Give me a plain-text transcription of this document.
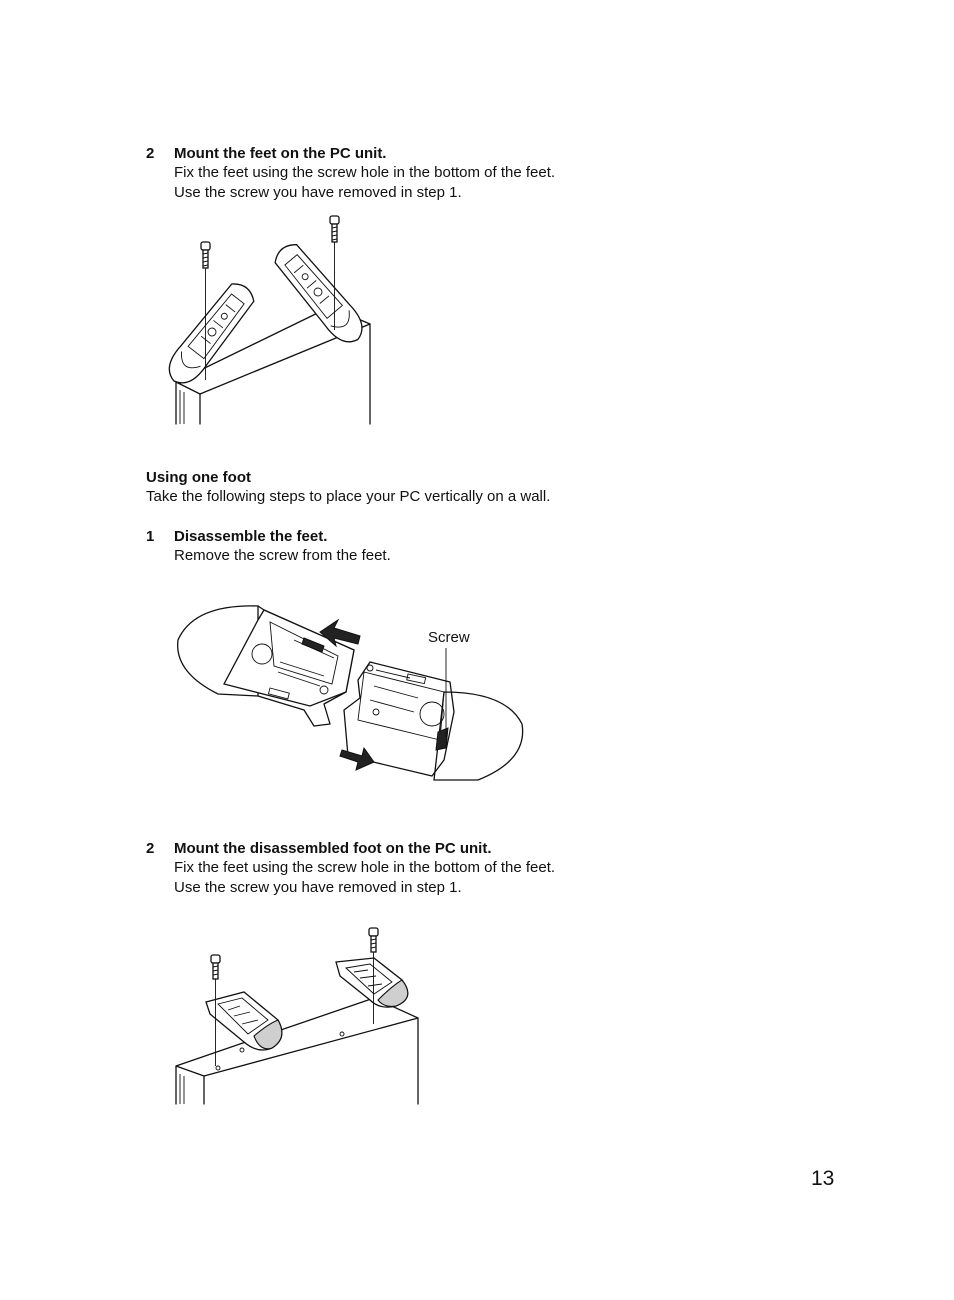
2 Mount the feet on the PC unit.
Fix the feet using the screw hole in the bottom of the feet.
Use the screw you have removed in step 1.
Using one foot
Take the following steps to place your PC vertically on a wall.
1 Disassemble the feet.
Remove the screw from the feet.
Screw
2 Mount the disassembled foot on the PC unit.
Fix the feet using the screw hole in the bottom of the feet.
Use the screw you have removed in step 1.
13
